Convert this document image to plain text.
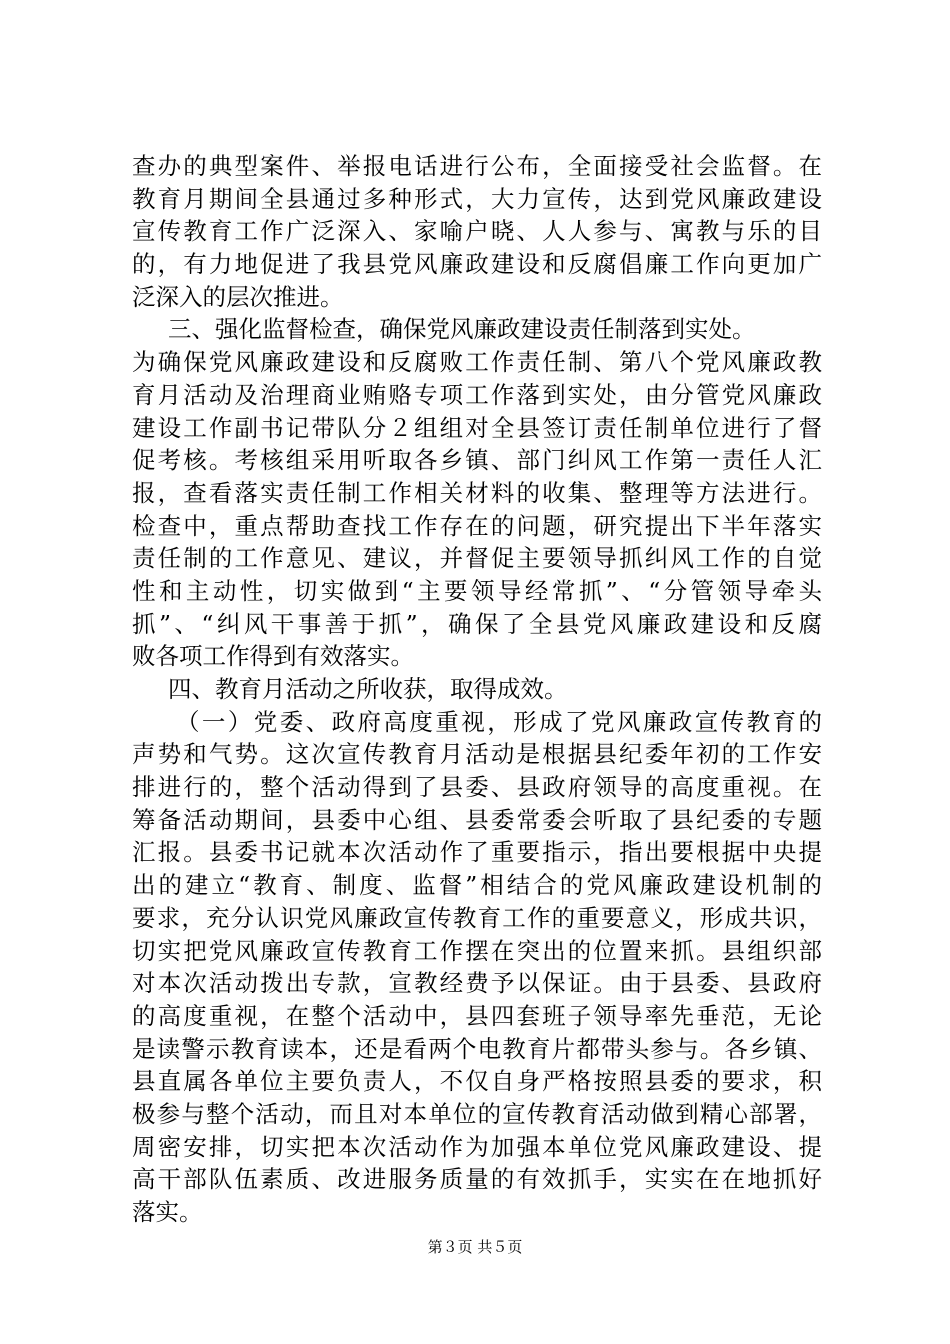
查办的典型案件、举报电话进行公布，全面接受社会监督。在
教育月期间全县通过多种形式，大力宣传，达到党风廉政建设
宣传教育工作广泛深入、家喻户晓、人人参与、寓教与乐的目
的，有力地促进了我县党风廉政建设和反腐倡廉工作向更加广
泛深入的层次推进。
三、强化监督检查，确保党风廉政建设责任制落到实处。
为确保党风廉政建设和反腐败工作责任制、第八个党风廉政教
育月活动及治理商业贿赂专项工作落到实处，由分管党风廉政
建设工作副书记带队分２组组对全县签订责任制单位进行了督
促考核。考核组采用听取各乡镇、部门纠风工作第一责任人汇
报，查看落实责任制工作相关材料的收集、整理等方法进行。
检查中，重点帮助查找工作存在的问题，研究提出下半年落实
责任制的工作意见、建议，并督促主要领导抓纠风工作的自觉
性和主动性，切实做到“主要领导经常抓”、“分管领导牵头
抓”、“纠风干事善于抓”，确保了全县党风廉政建设和反腐
败各项工作得到有效落实。
四、教育月活动之所收获，取得成效。
（一）党委、政府高度重视，形成了党风廉政宣传教育的
声势和气势。这次宣传教育月活动是根据县纪委年初的工作安
排进行的，整个活动得到了县委、县政府领导的高度重视。在
筹备活动期间，县委中心组、县委常委会听取了县纪委的专题
汇报。县委书记就本次活动作了重要指示，指出要根据中央提
出的建立“教育、制度、监督”相结合的党风廉政建设机制的
要求，充分认识党风廉政宣传教育工作的重要意义，形成共识，
切实把党风廉政宣传教育工作摆在突出的位置来抓。县组织部
对本次活动拨出专款，宣教经费予以保证。由于县委、县政府
的高度重视，在整个活动中，县四套班子领导率先垂范，无论
是读警示教育读本，还是看两个电教育片都带头参与。各乡镇、
县直属各单位主要负责人，不仅自身严格按照县委的要求，积
极参与整个活动，而且对本单位的宣传教育活动做到精心部署，
周密安排，切实把本次活动作为加强本单位党风廉政建设、提
高干部队伍素质、改进服务质量的有效抓手，实实在在地抓好
落实。
第３页 共５页
